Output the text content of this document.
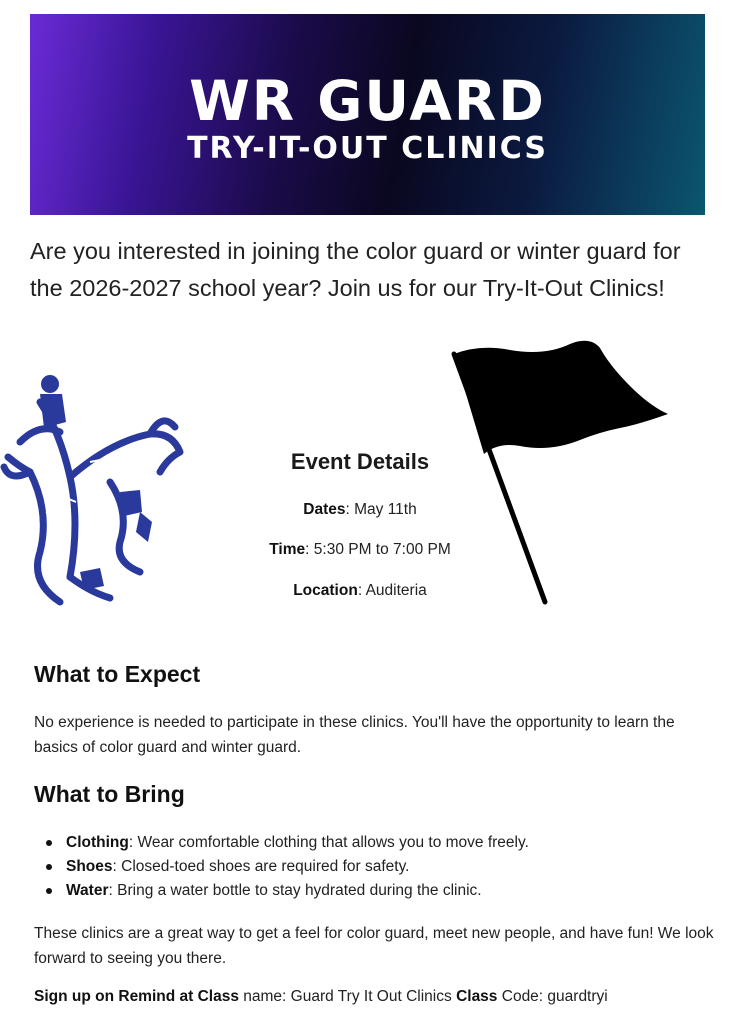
WR GUARD
TRY-IT-OUT CLINICS
Are you interested in joining the color guard or winter guard for the 2026-2027 school year? Join us for our Try-It-Out Clinics!
Event Details
Dates: May 11th
Time: 5:30 PM to 7:00 PM
Location: Auditeria
What to Expect
No experience is needed to participate in these clinics. You'll have the opportunity to learn the basics of color guard and winter guard.
What to Bring
Clothing: Wear comfortable clothing that allows you to move freely.
Shoes: Closed-toed shoes are required for safety.
Water: Bring a water bottle to stay hydrated during the clinic.
These clinics are a great way to get a feel for color guard, meet new people, and have fun! We look forward to seeing you there.
Sign up on Remind at Class name: Guard Try It Out Clinics Class Code: guardtryi
